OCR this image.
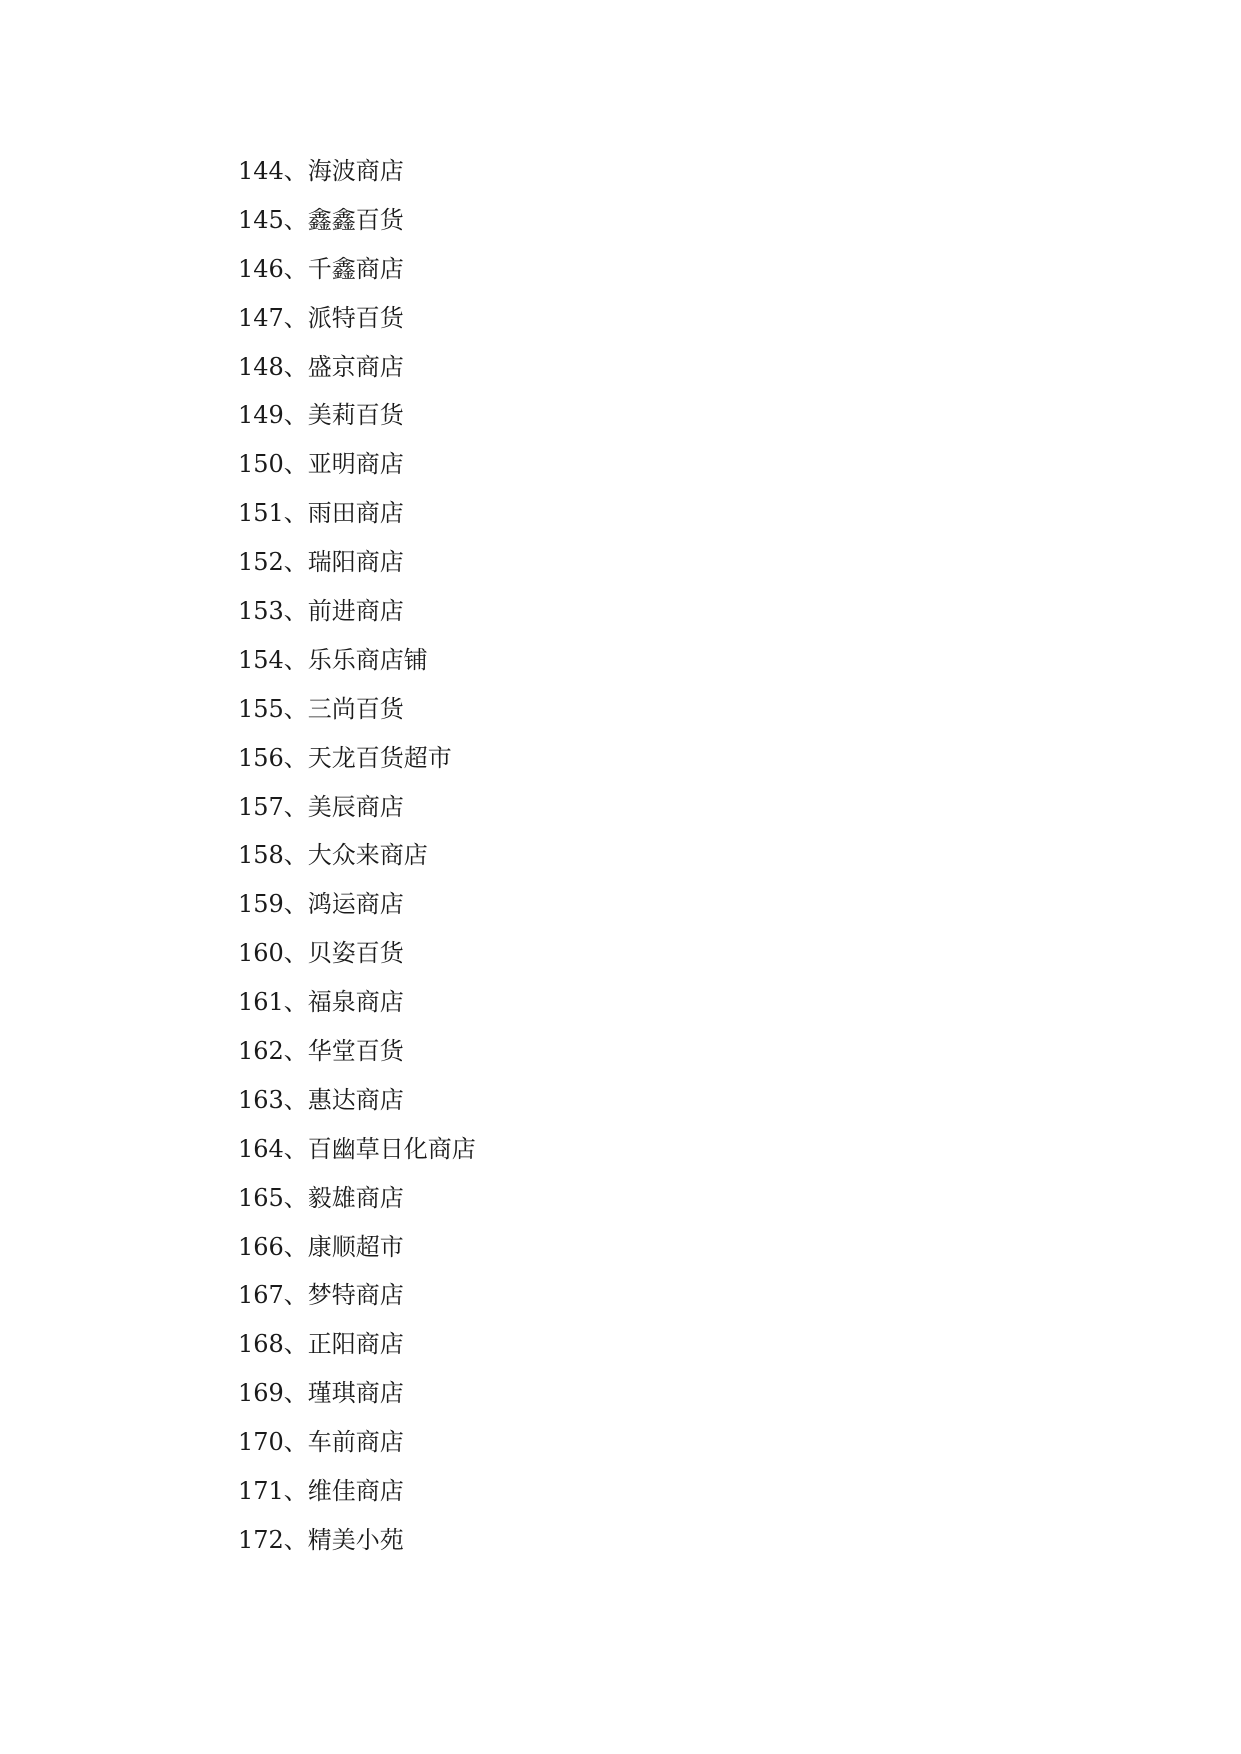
144、海波商店
145、鑫鑫百货
146、千鑫商店
147、派特百货
148、盛京商店
149、美莉百货
150、亚明商店
151、雨田商店
152、瑞阳商店
153、前进商店
154、乐乐商店铺
155、三尚百货
156、天龙百货超市
157、美辰商店
158、大众来商店
159、鸿运商店
160、贝姿百货
161、福泉商店
162、华堂百货
163、惠达商店
164、百幽草日化商店
165、毅雄商店
166、康顺超市
167、梦特商店
168、正阳商店
169、瑾琪商店
170、车前商店
171、维佳商店
172、精美小苑
